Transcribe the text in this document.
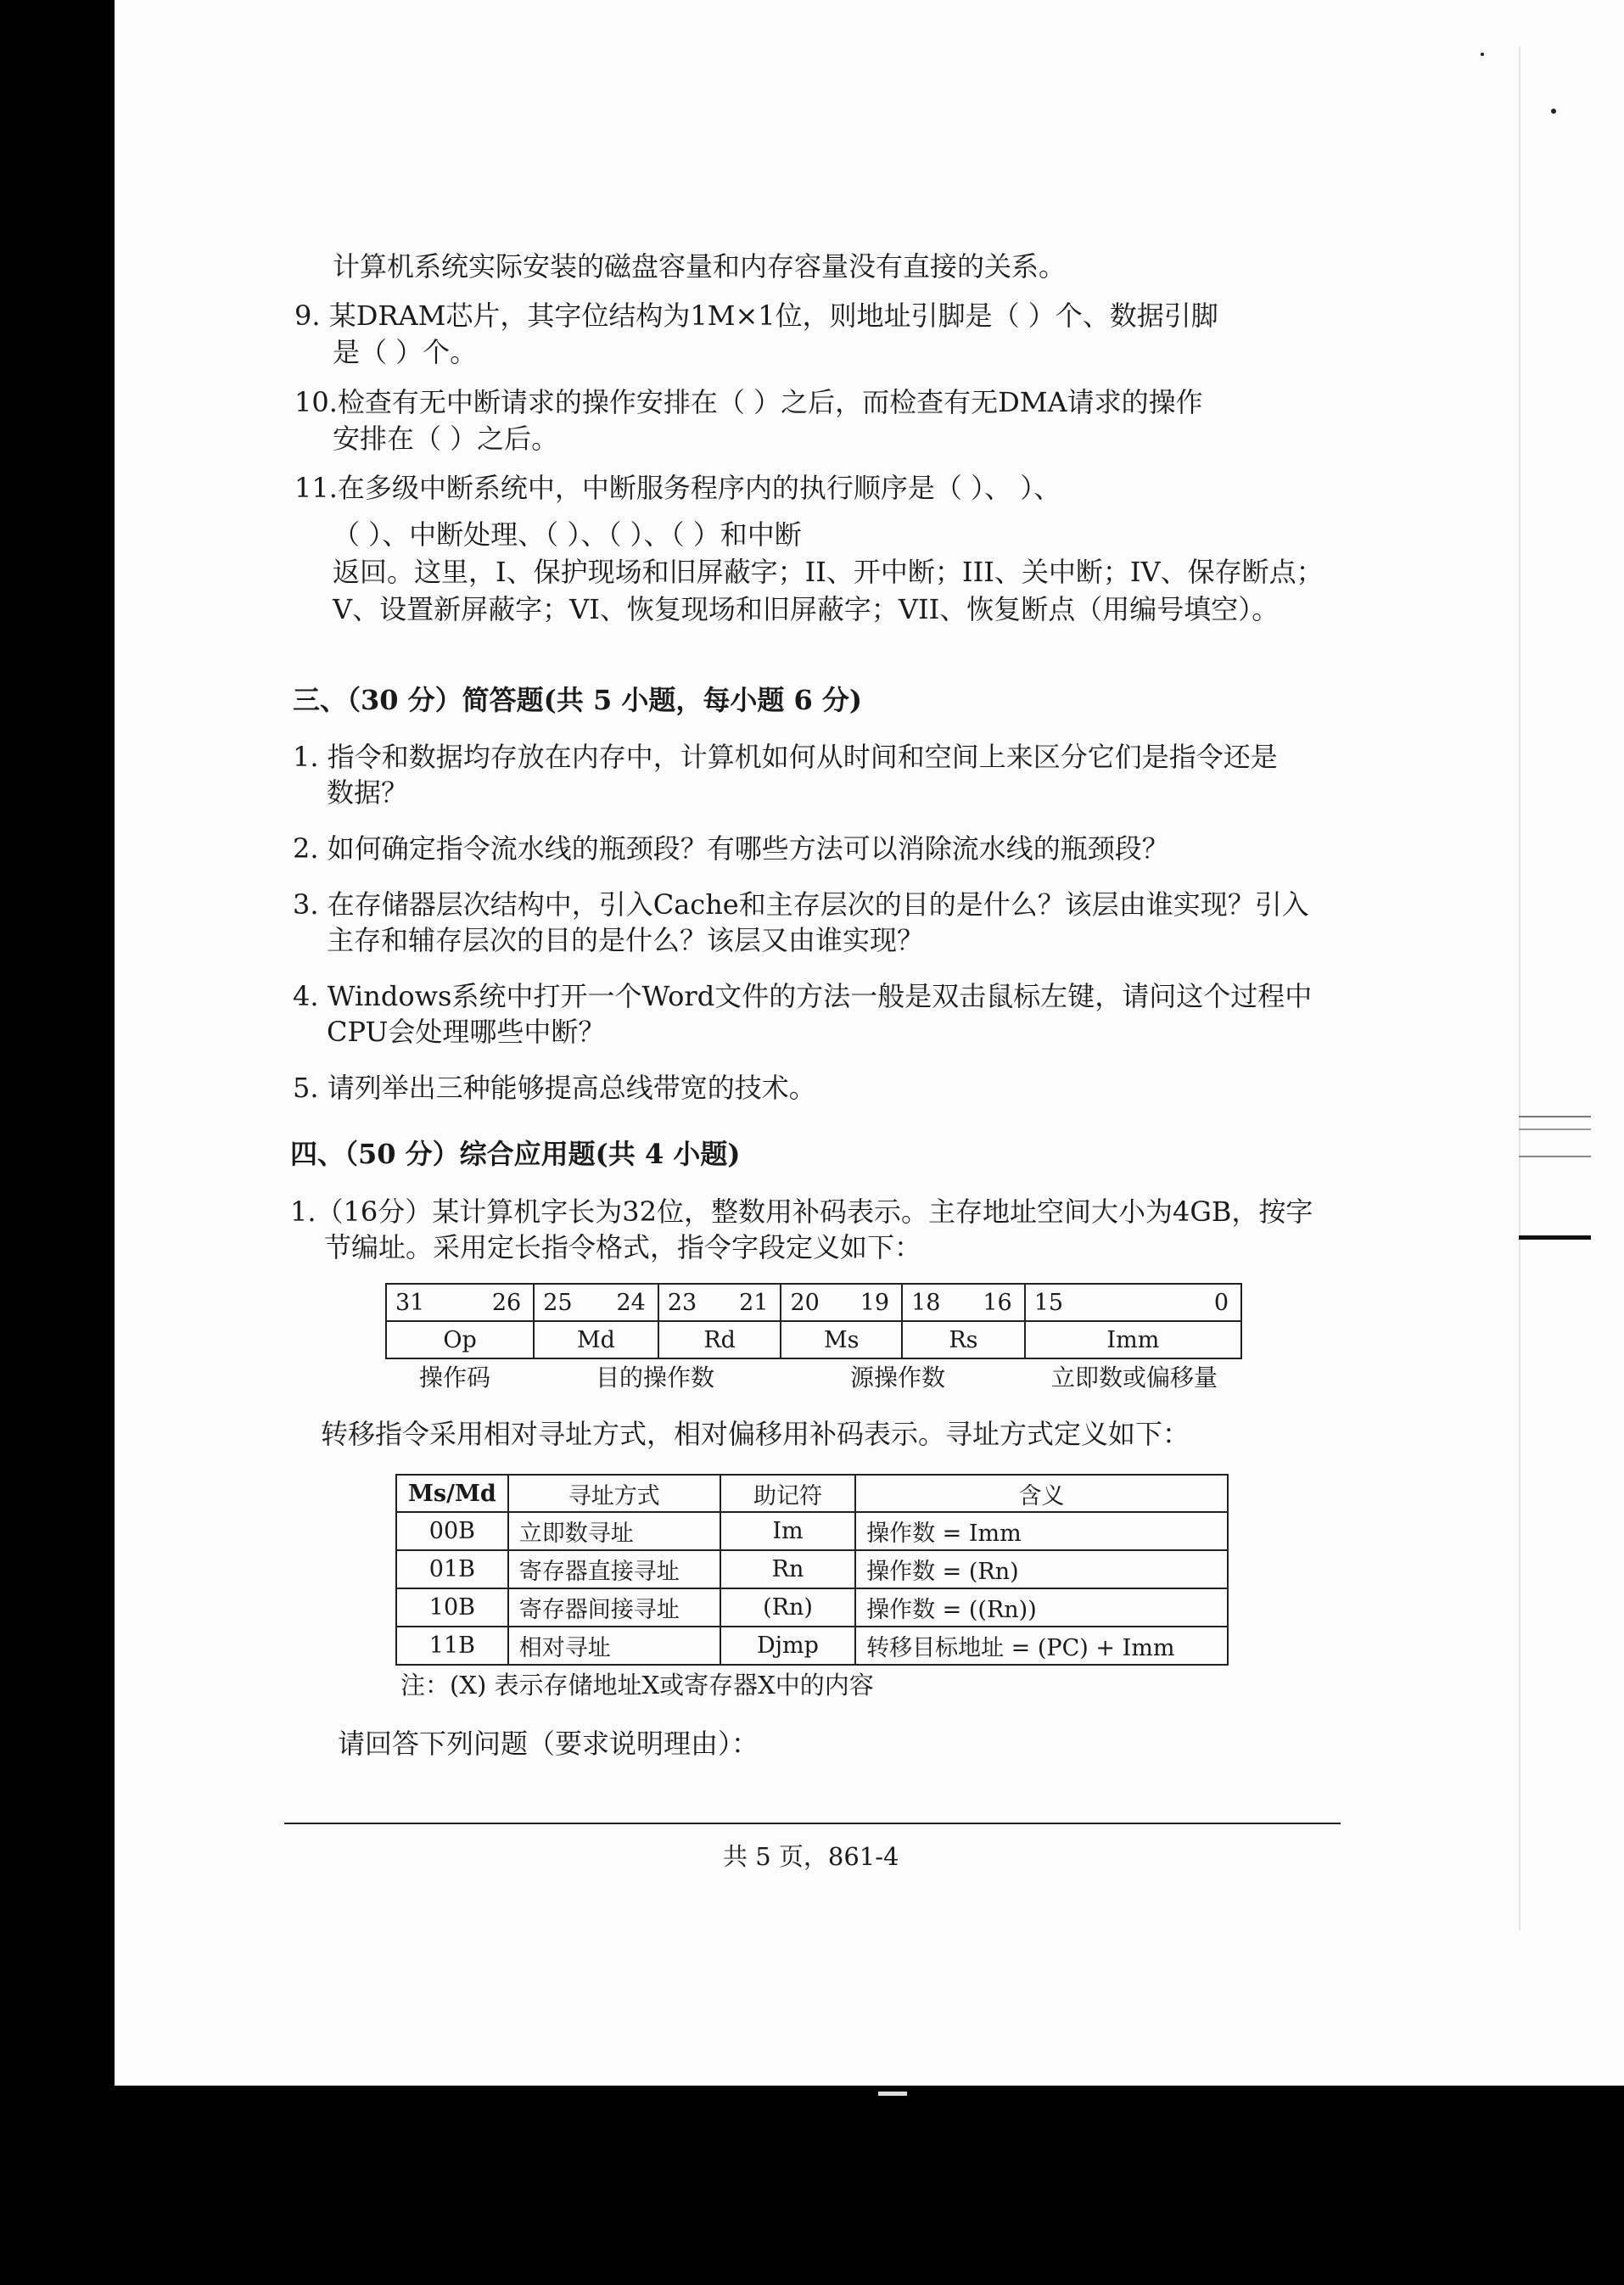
计算机系统实际安装的磁盘容量和内存容量没有直接的关系。
9. 某DRAM芯片，其字位结构为1M×1位，则地址引脚是（ ）个、数据引脚
是（ ）个。
10.检查有无中断请求的操作安排在（ ）之后，而检查有无DMA请求的操作
安排在（ ）之后。
11.在多级中断系统中，中断服务程序内的执行顺序是（ ）、 ）、
（ ）、中断处理、（ ）、（ ）、（ ）和中断
返回。这里，I、保护现场和旧屏蔽字；II、开中断；III、关中断；IV、保存断点；
V、设置新屏蔽字；VI、恢复现场和旧屏蔽字；VII、恢复断点（用编号填空）。
三、（30 分）简答题(共 5 小题，每小题 6 分)
1. 指令和数据均存放在内存中，计算机如何从时间和空间上来区分它们是指令还是
数据？
2. 如何确定指令流水线的瓶颈段？有哪些方法可以消除流水线的瓶颈段？
3. 在存储器层次结构中，引入Cache和主存层次的目的是什么？该层由谁实现？引入
主存和辅存层次的目的是什么？该层又由谁实现？
4. Windows系统中打开一个Word文件的方法一般是双击鼠标左键，请问这个过程中
CPU会处理哪些中断？
5. 请列举出三种能够提高总线带宽的技术。
四、（50 分）综合应用题(共 4 小题)
1.（16分）某计算机字长为32位，整数用补码表示。主存地址空间大小为4GB，按字
节编址。采用定长指令格式，指令字段定义如下：
31 26	25 24	23 21	20 19	18 16	15 0

Op	Md	Rd	Ms	Rs	Imm
操作码	目的操作数	源操作数	立即数或偏移量
转移指令采用相对寻址方式，相对偏移用补码表示。寻址方式定义如下：
Ms/Md	寻址方式	助记符	含义
00B	立即数寻址	Im	操作数 = Imm
01B	寄存器直接寻址	Rn	操作数 = (Rn)
10B	寄存器间接寻址	(Rn)	操作数 = ((Rn))
11B	相对寻址	Djmp	转移目标地址 = (PC) + Imm
注：(X) 表示存储地址X或寄存器X中的内容
请回答下列问题（要求说明理由）：
共 5 页，861-4
